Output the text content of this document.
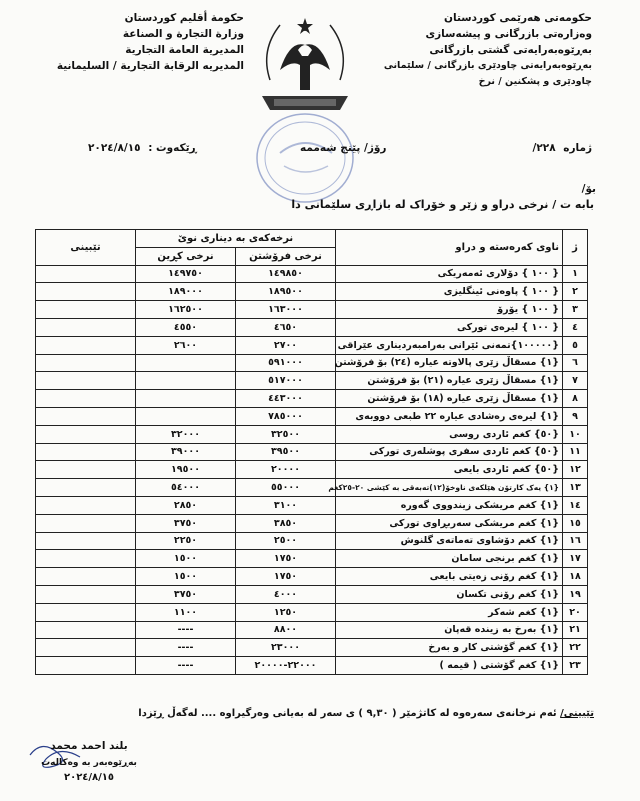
حکومەتی هەرێمی کوردستان
وەزارەتی بازرگانی و پیشەسازی
بەڕێوەبەرایەتی گشتی بازرگانی
بەڕێوەبەرایەتی چاودێری بازرگانی / سلێمانی
چاودێری و پشکنین / نرخ
حكومة أقليم كوردستان
وزارة التجارة و الصناعة
المديرية العامة التجارية
المديريه الرقابة التجارية / السليمانية
ژمارە ٢٢٨/
رۆژ/ پێنج شەممە
ڕێکەوت : ٢٠٢٤/٨/١٥
بۆ/
بابە ت / نرخی دراو و زێر و خۆراک لە بازاڕی سلێمانی دا
ژ	ناوی کەرەستە و دراو	نرخەکەی بە دیناری نوێ		تێبینی
		نرخی فرۆشتن	نرخی کڕین	
١	{ ١٠٠ } دۆلاری ئەمەریکی	١٤٩٨٥٠	١٤٩٧٥٠	
٢	{ ١٠٠ } پاوەنی ئینگلیزی	١٨٩٥٠٠	١٨٩٠٠٠	
٣	{ ١٠٠ } یۆرۆ	١٦٣٠٠٠	١٦٢٥٠٠	
٤	{ ١٠٠ } لیرەی تورکی	٤٦٥٠	٤٥٥٠	
٥	{١٠٠٠٠٠}تمەنی ئێرانی بەرامبەردیناری عێراقی	٢٧٠٠	٢٦٠٠	
٦	{١} مسقاڵ زێری پالاوتە عیارە (٢٤) بۆ فرۆشتن	٥٩١٠٠٠		
٧	{١} مسقاڵ زێری عیارە (٢١) بۆ فرۆشتن	٥١٧٠٠٠		
٨	{١} مسقاڵ زێری عیارە (١٨) بۆ فرۆشتن	٤٤٣٠٠٠		
٩	{١} لیرەی رەشادی عیارە ٢٢ طبعی دووبەی	٧٨٥٠٠٠		
١٠	{٥٠} کغم ئاردی روسی	٣٢٥٠٠	٣٢٠٠٠	
١١	{٥٠} کغم ئاردی سفری پوشلەری تورکی	٣٩٥٠٠	٣٩٠٠٠	
١٢	{٥٠} کغم ئاردی بایعی	٢٠٠٠٠	١٩٥٠٠	
١٣	{١} یەک کارتۆن هێلکەی ناوخۆ(١٢)تەبەقی بە کێشی ٢٠-٢٥کغم	٥٥٠٠٠	٥٤٠٠٠	
١٤	{١} کغم مریشکی زیندووی گەورە	٣١٠٠	٢٨٥٠	
١٥	{١} کغم مریشکی سەربڕاوی تورکی	٣٨٥٠	٣٧٥٠	
١٦	{١} کغم دۆشاوی تەماتەی گلنوش	٢٥٠٠	٢٢٥٠	
١٧	{١} کغم برنجی سامان	١٧٥٠	١٥٠٠	
١٨	{١} کغم رۆنی زەیتی بایعی	١٧٥٠	١٥٠٠	
١٩	{١} کغم رۆنی تکسان	٤٠٠٠	٣٧٥٠	
٢٠	{١} کغم شەکر	١٢٥٠	١١٠٠	
٢١	{١} بەرخ بە زیندە قەپان	٨٨٠٠	----	
٢٢	{١} کغم گۆشتی کار و بەرخ	٢٣٠٠٠	----	
٢٣	{١} کغم گۆشتی ( قیمە )	٢٢٠٠٠-٢٠٠٠٠	----	
تێبینی/ ئەم نرخانەی سەرەوە لە کاتژمێر ( ٩,٣٠ ) ی سەر لە بەیانی وەرگیراوە .... لەگەڵ ڕێزدا
بلند احمد محمد
بەڕێوەبەر بە وەکالەت
٢٠٢٤/٨/١٥
